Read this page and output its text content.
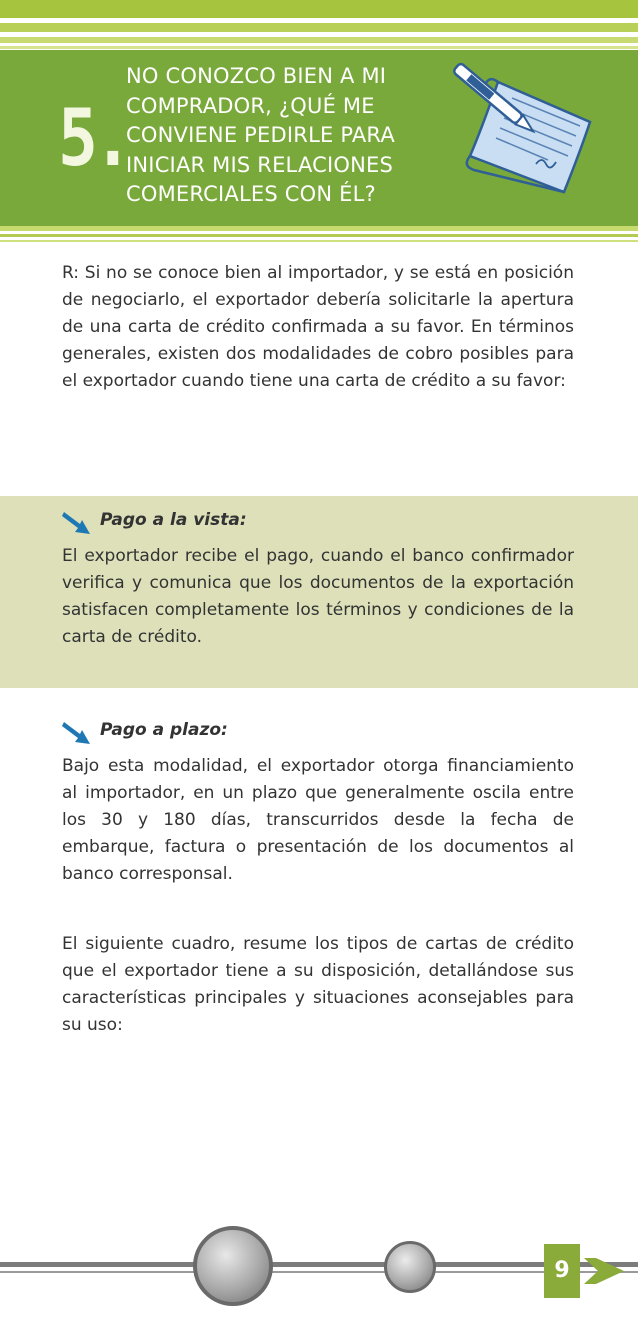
5.
NO CONOZCO BIEN A MI
COMPRADOR, ¿QUÉ ME
CONVIENE PEDIRLE PARA
INICIAR MIS RELACIONES
COMERCIALES CON ÉL?

R: Si no se conoce bien al importador, y se está en posición de negociarlo, el exportador debería solicitarle la apertura de una carta de crédito confirmada a su favor. En términos generales, existen dos modalidades de cobro posibles para el exportador cuando tiene una carta de crédito a su favor:

Pago a la vista:

El exportador recibe el pago, cuando el banco confirmador verifica y comunica que los documentos de la exportación satisfacen completamente los términos y condiciones de la carta de crédito.

Pago a plazo:

Bajo esta modalidad, el exportador otorga financiamiento al importador, en un plazo que generalmente oscila entre los 30 y 180 días, transcurridos desde la fecha de embarque, factura o presentación de los documentos al banco corresponsal.

El siguiente cuadro, resume los tipos de cartas de crédito que el exportador tiene a su disposición, detallándose sus características principales y situaciones aconsejables para su uso:

9
